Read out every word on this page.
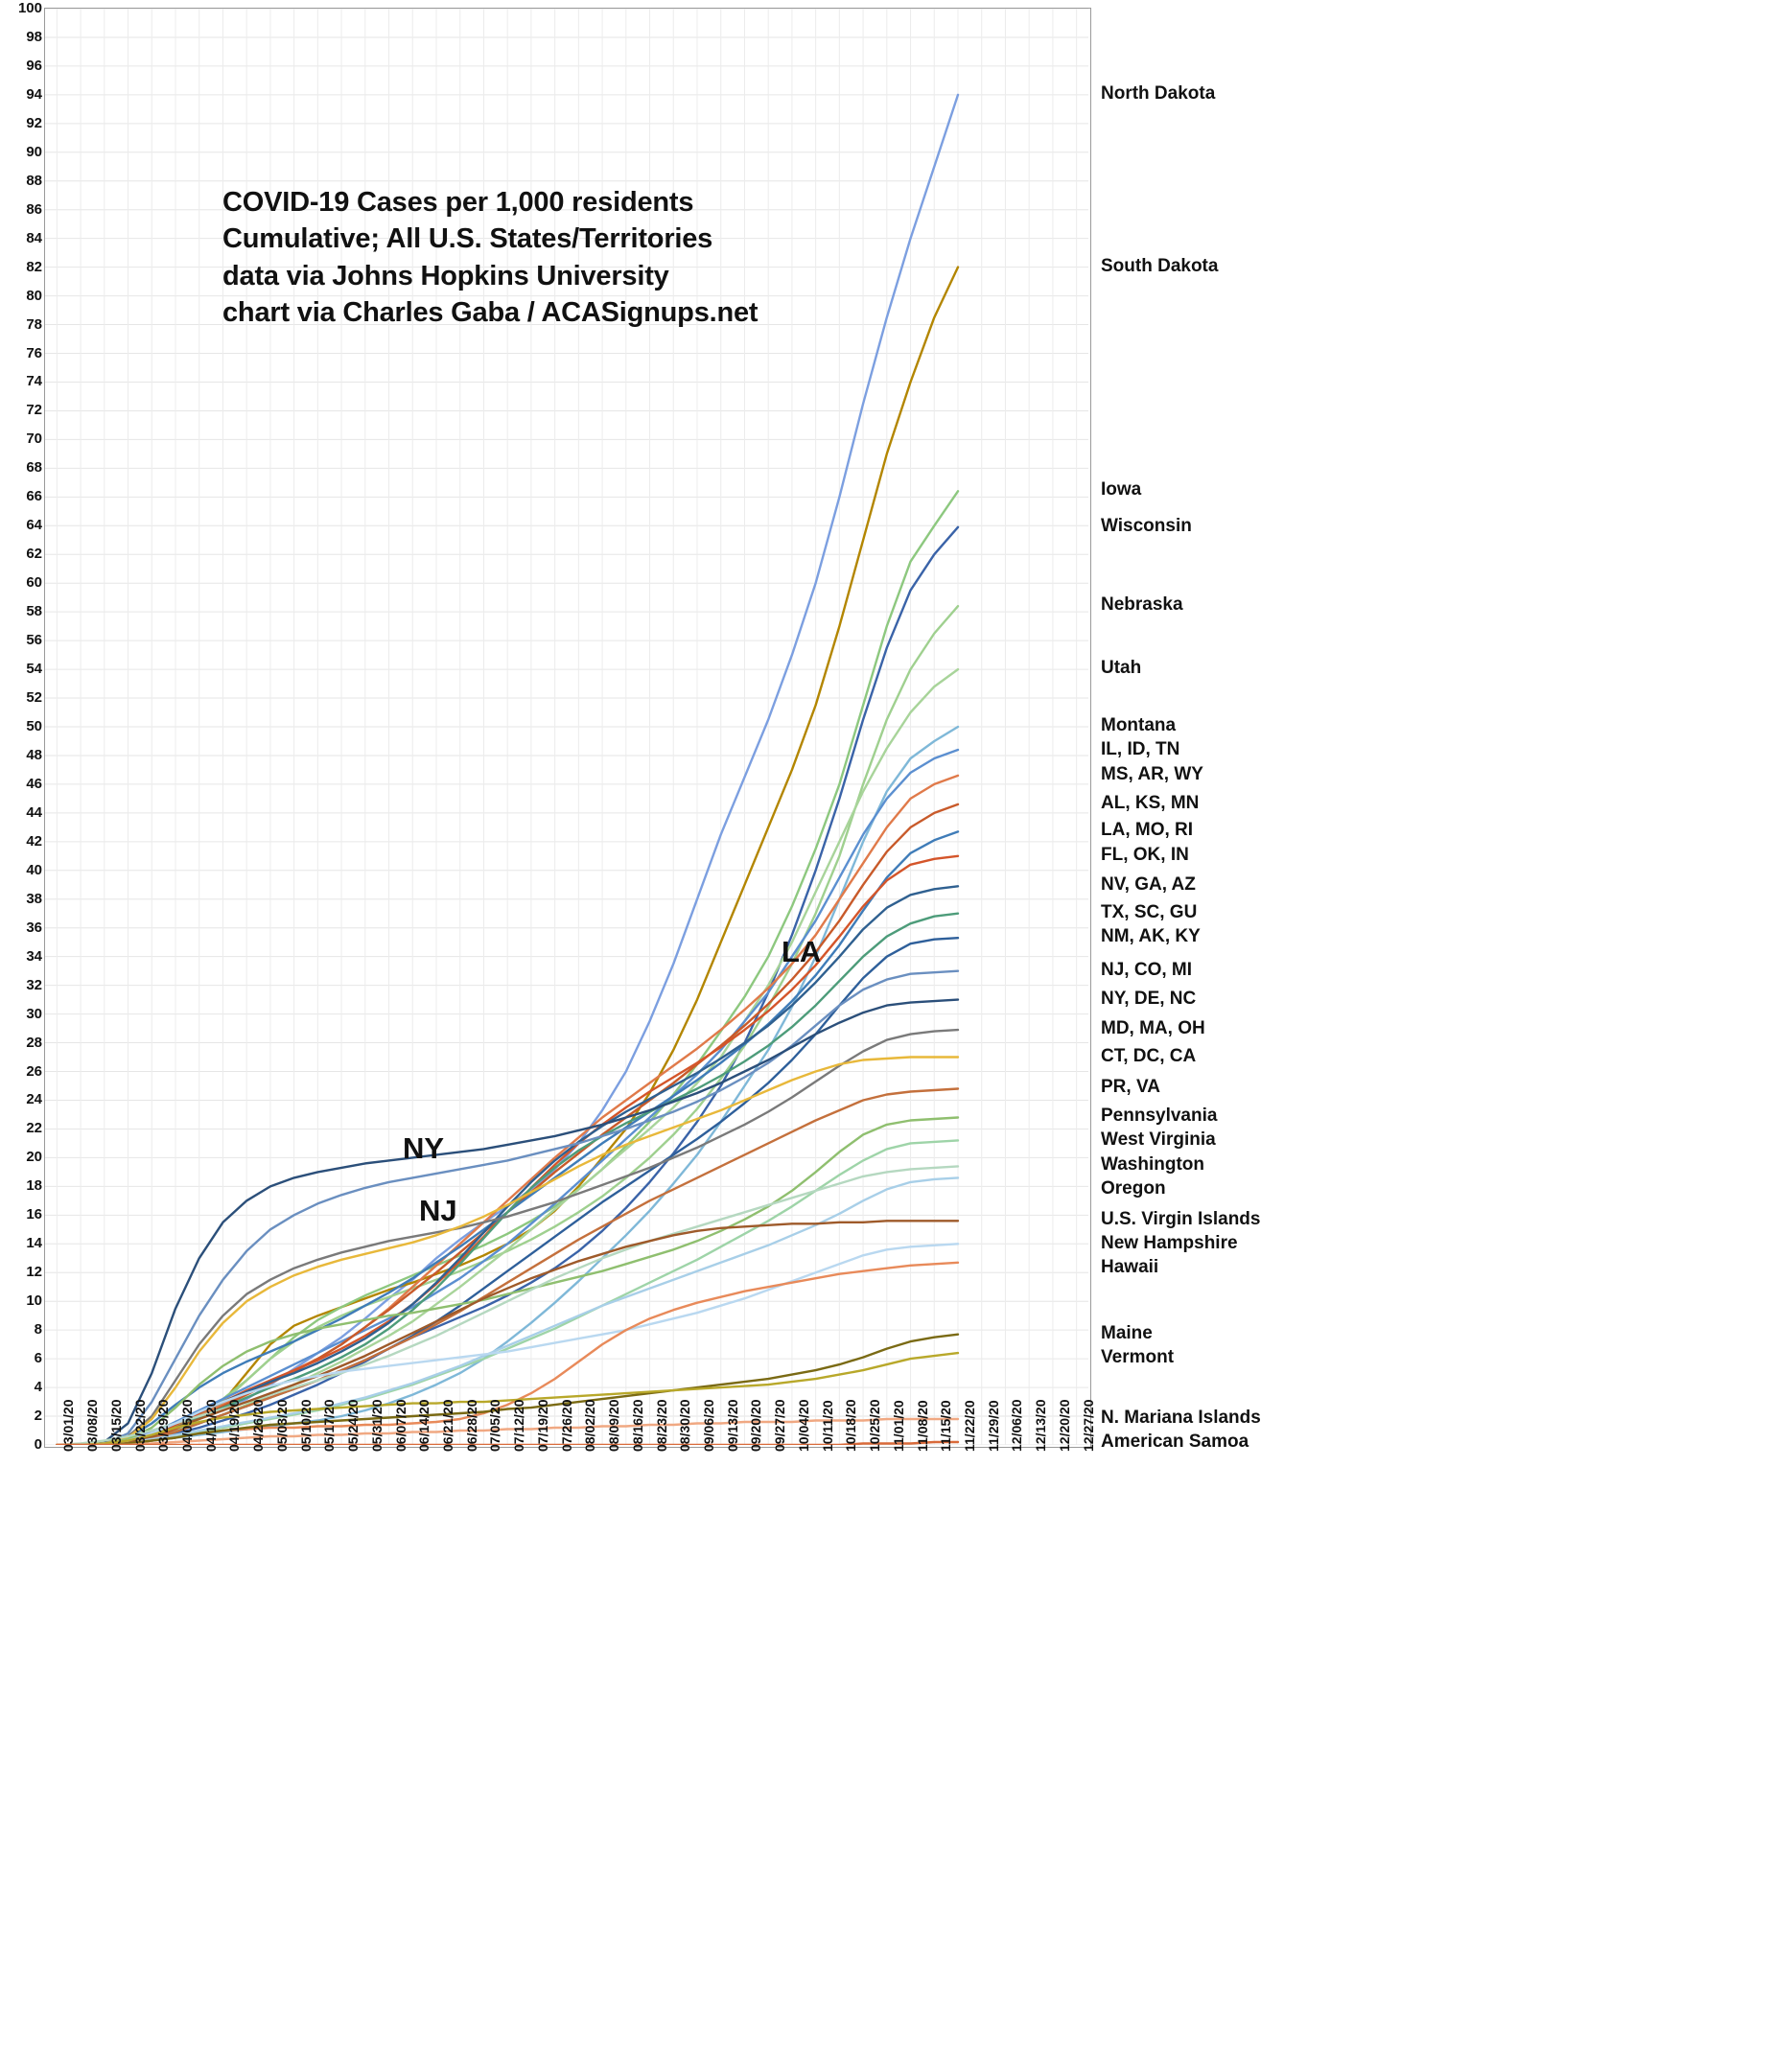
0
2
4
6
8
10
12
14
16
18
20
22
24
26
28
30
32
34
36
38
40
42
44
46
48
50
52
54
56
58
60
62
64
66
68
70
72
74
76
78
80
82
84
86
88
90
92
94
96
98
100
COVID-19 Cases per 1,000 residents
Cumulative; All U.S. States/Territories
data via Johns Hopkins University
chart via Charles Gaba / ACASignups.net
LA
NY
NJ
North Dakota
South Dakota
Iowa
Wisconsin
Nebraska
Utah
Montana
IL, ID, TN
MS, AR, WY
AL, KS, MN
LA, MO, RI
FL, OK, IN
NV, GA, AZ
TX, SC, GU
NM, AK, KY
NJ, CO, MI
NY, DE, NC
MD, MA, OH
CT, DC, CA
PR, VA
Pennsylvania
West Virginia
Washington
Oregon
U.S. Virgin Islands
New Hampshire
Hawaii
Maine
Vermont
N. Mariana Islands
American Samoa
03/01/20 03/08/20 03/15/20 03/22/20 03/29/20 04/05/20 04/12/20 04/19/20 04/26/20 05/03/20 05/10/20 05/17/20 05/24/20 05/31/20 06/07/20 06/14/20 06/21/20 06/28/20 07/05/20 07/12/20 07/19/20 07/26/20 08/02/20 08/09/20 08/16/20 08/23/20 08/30/20 09/06/20 09/13/20 09/20/20 09/27/20 10/04/20 10/11/20 10/18/20 10/25/20 11/01/20 11/08/20 11/15/20 11/22/20 11/29/20 12/06/20 12/13/20 12/20/20 12/27/20
